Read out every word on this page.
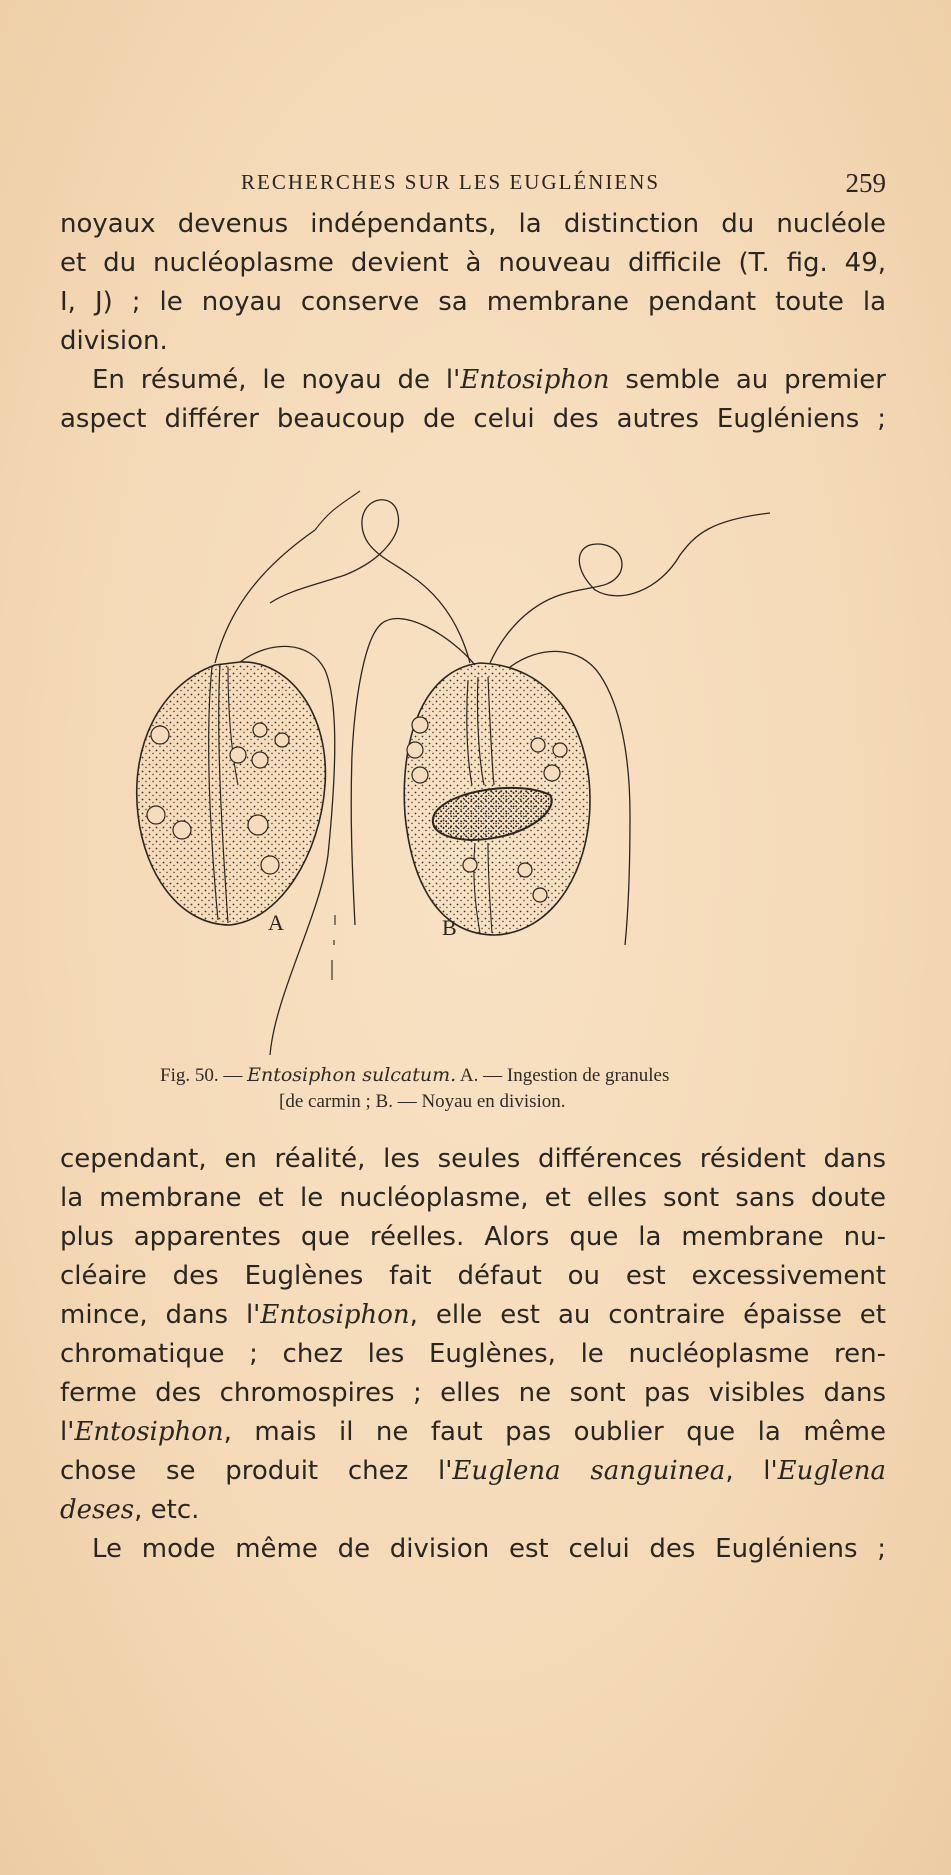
RECHERCHES SUR LES EUGLÉNIENS	259
noyaux devenus indépendants, la distinction du nucléole
et du nucléoplasme devient à nouveau difficile (T. fig. 49,
I, J) ; le noyau conserve sa membrane pendant toute la
division.
En résumé, le noyau de l'Entosiphon semble au premier
aspect différer beaucoup de celui des autres Eugléniens ;
A	B
Fig. 50. — Entosiphon sulcatum. A. — Ingestion de granules
[de carmin ; B. — Noyau en division.
cependant, en réalité, les seules différences résident dans
la membrane et le nucléoplasme, et elles sont sans doute
plus apparentes que réelles. Alors que la membrane nu-
cléaire des Euglènes fait défaut ou est excessivement
mince, dans l'Entosiphon, elle est au contraire épaisse et
chromatique ; chez les Euglènes, le nucléoplasme ren-
ferme des chromospires ; elles ne sont pas visibles dans
l'Entosiphon, mais il ne faut pas oublier que la même
chose se produit chez l'Euglena sanguinea, l'Euglena
deses, etc.
Le mode même de division est celui des Eugléniens ;
